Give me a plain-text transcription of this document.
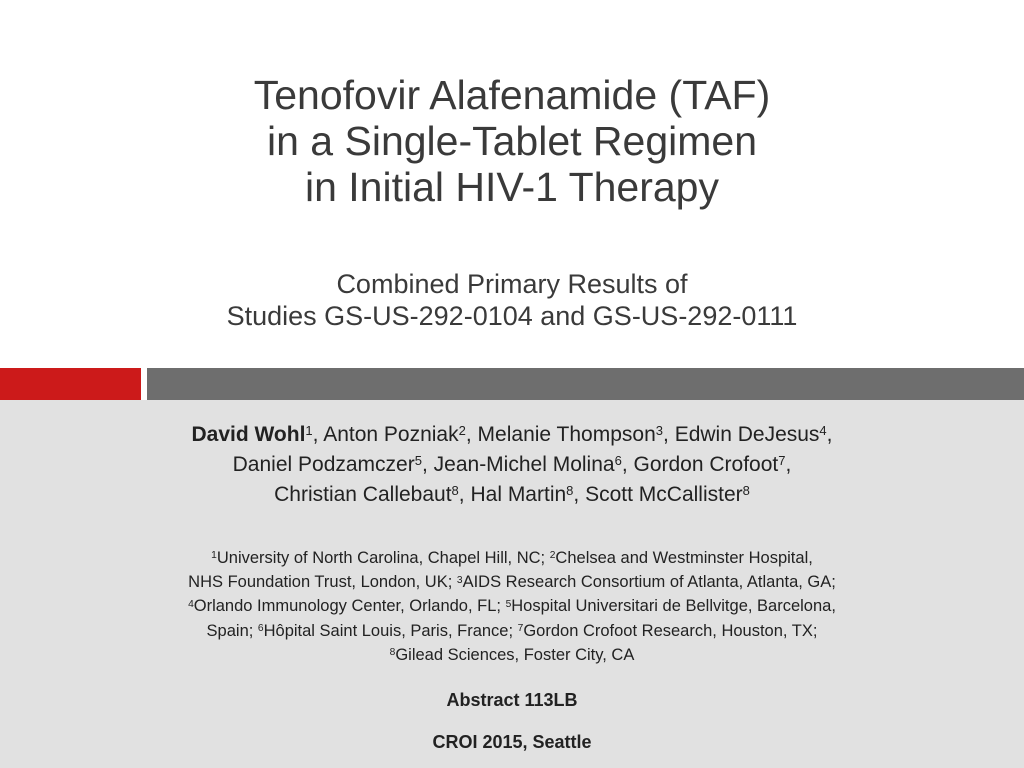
Tenofovir Alafenamide (TAF)
in a Single-Tablet Regimen
in Initial HIV-1 Therapy
Combined Primary Results of
Studies GS-US-292-0104 and GS-US-292-0111
David Wohl$^1$, Anton Pozniak$^2$, Melanie Thompson$^3$, Edwin DeJesus$^4$,
Daniel Podzamczer$^5$, Jean-Michel Molina$^6$, Gordon Crofoot$^7$,
Christian Callebaut$^8$, Hal Martin$^8$, Scott McCallister$^8$
$^1$University of North Carolina, Chapel Hill, NC; $^2$Chelsea and Westminster Hospital,
NHS Foundation Trust, London, UK; $^3$AIDS Research Consortium of Atlanta, Atlanta, GA;
$^4$Orlando Immunology Center, Orlando, FL; $^5$Hospital Universitari de Bellvitge, Barcelona,
Spain; $^6$Hôpital Saint Louis, Paris, France; $^7$Gordon Crofoot Research, Houston, TX;
$^8$Gilead Sciences, Foster City, CA
Abstract 113LB
CROI 2015, Seattle
